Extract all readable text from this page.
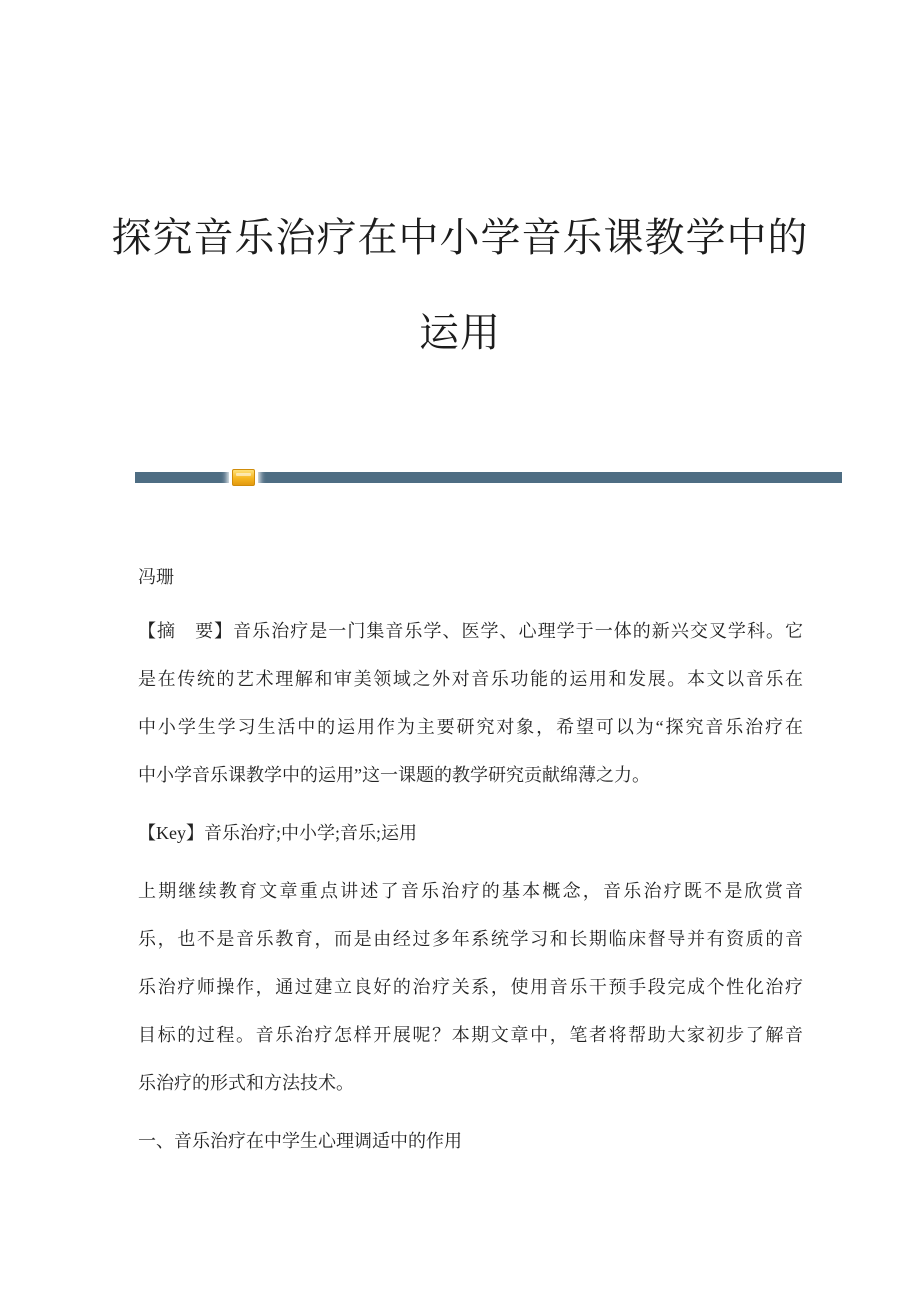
探究音乐治疗在中小学音乐课教学中的
运用

冯珊

【摘　要】音乐治疗是一门集音乐学、医学、心理学于一体的新兴交叉学科。它
是在传统的艺术理解和审美领域之外对音乐功能的运用和发展。本文以音乐在
中小学生学习生活中的运用作为主要研究对象，希望可以为“探究音乐治疗在
中小学音乐课教学中的运用”这一课题的教学研究贡献绵薄之力。
【Key】音乐治疗;中小学;音乐;运用
上期继续教育文章重点讲述了音乐治疗的基本概念，音乐治疗既不是欣赏音
乐，也不是音乐教育，而是由经过多年系统学习和长期临床督导并有资质的音
乐治疗师操作，通过建立良好的治疗关系，使用音乐干预手段完成个性化治疗
目标的过程。音乐治疗怎样开展呢？本期文章中，笔者将帮助大家初步了解音
乐治疗的形式和方法技术。
一、音乐治疗在中学生心理调适中的作用
